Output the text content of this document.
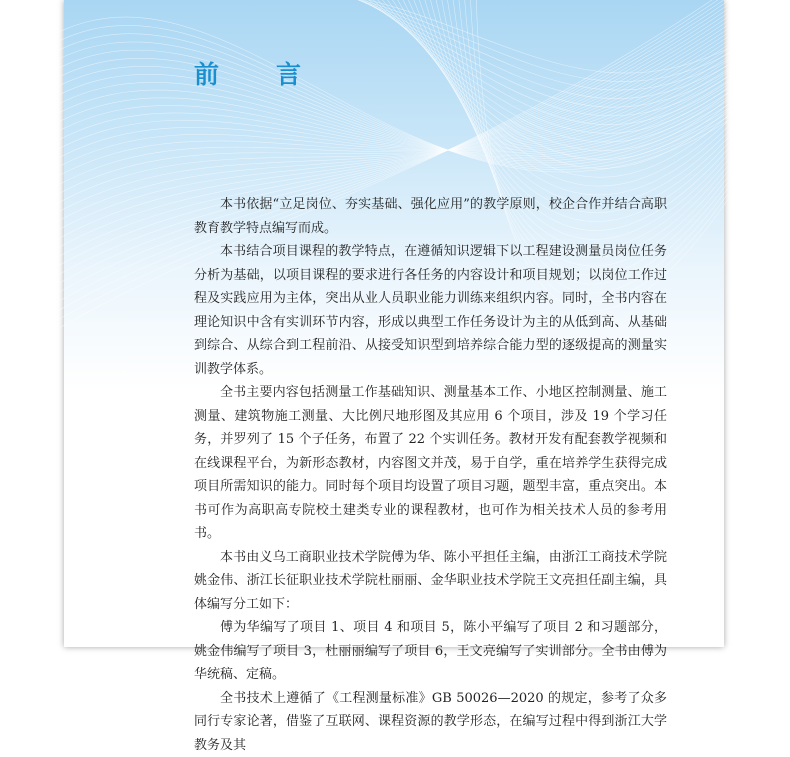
前　言

本书依据“立足岗位、夯实基础、强化应用”的教学原则，校企合作并结合高职教育教学特点编写而成。

本书结合项目课程的教学特点，在遵循知识逻辑下以工程建设测量员岗位任务分析为基础，以项目课程的要求进行各任务的内容设计和项目规划；以岗位工作过程及实践应用为主体，突出从业人员职业能力训练来组织内容。同时，全书内容在理论知识中含有实训环节内容，形成以典型工作任务设计为主的从低到高、从基础到综合、从综合到工程前沿、从接受知识型到培养综合能力型的逐级提高的测量实训教学体系。

全书主要内容包括测量工作基础知识、测量基本工作、小地区控制测量、施工测量、建筑物施工测量、大比例尺地形图及其应用 6 个项目，涉及 19 个学习任务，并罗列了 15 个子任务，布置了 22 个实训任务。教材开发有配套教学视频和在线课程平台，为新形态教材，内容图文并茂，易于自学，重在培养学生获得完成项目所需知识的能力。同时每个项目均设置了项目习题，题型丰富，重点突出。本书可作为高职高专院校土建类专业的课程教材，也可作为相关技术人员的参考用书。

本书由义乌工商职业技术学院傅为华、陈小平担任主编，由浙江工商技术学院姚金伟、浙江长征职业技术学院杜丽丽、金华职业技术学院王文亮担任副主编，具体编写分工如下：

傅为华编写了项目 1、项目 4 和项目 5，陈小平编写了项目 2 和习题部分，姚金伟编写了项目 3，杜丽丽编写了项目 6，王文亮编写了实训部分。全书由傅为华统稿、定稿。

全书技术上遵循了《工程测量标准》GB 50026—2020 的规定，参考了众多同行专家论著，借鉴了互联网、课程资源的教学形态，在编写过程中得到浙江大学教务及其
